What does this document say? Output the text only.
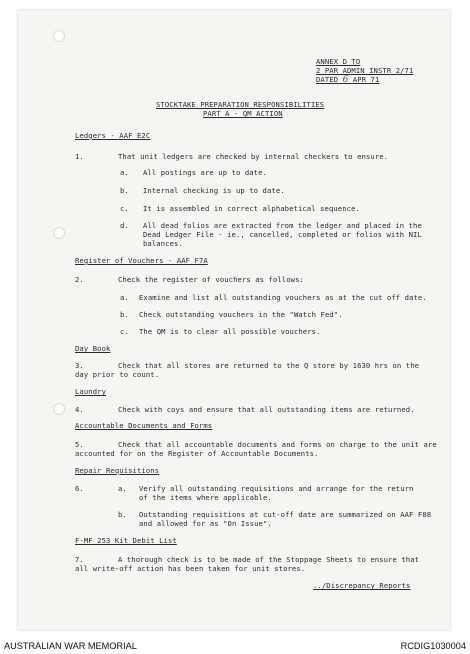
ANNEX D TO
2 PAR ADMIN INSTR 2/71
DATED 6 APR 71
STOCKTAKE PREPARATION RESPONSIBILITIES
PART A - QM ACTION
Ledgers - AAF E2C
1.	That unit ledgers are checked by internal checkers to ensure.
a. All postings are up to date.
b. Internal checking is up to date.
c. It is assembled in correct alphabetical sequence.
d. All dead folios are extracted from the ledger and placed in the
Dead Ledger File - ie., cancelled, completed or folios with NIL
balances.
Register of Vouchers - AAF F7A
2.	Check the register of vouchers as follows:
a. Examine and list all outstanding vouchers as at the cut off date.
b. Check outstanding vouchers in the "Watch Fed".
c. The QM is to clear all possible vouchers.
Day Book
3.	Check that all stores are returned to the Q store by 1630 hrs on the
day prior to count.
Laundry
4.	Check with coys and ensure that all outstanding items are returned.
Accountable Documents and Forms
5.	Check that all accountable documents and forms on charge to the unit are
accounted for on the Register of Accountable Documents.
Repair Requisitions
6.	a. Verify all outstanding requisitions and arrange for the return
of the items where applicable.
b. Outstanding requisitions at cut-off date are summarized on AAF F88
and allowed for as "On Issue".
F-MF 253 Kit Debit List
7.	A thorough check is to be made of the Stoppage Sheets to ensure that
all write-off action has been taken for unit stores.
../Discrepancy Reports
AUSTRALIAN WAR MEMORIAL	RCDIG1030004
